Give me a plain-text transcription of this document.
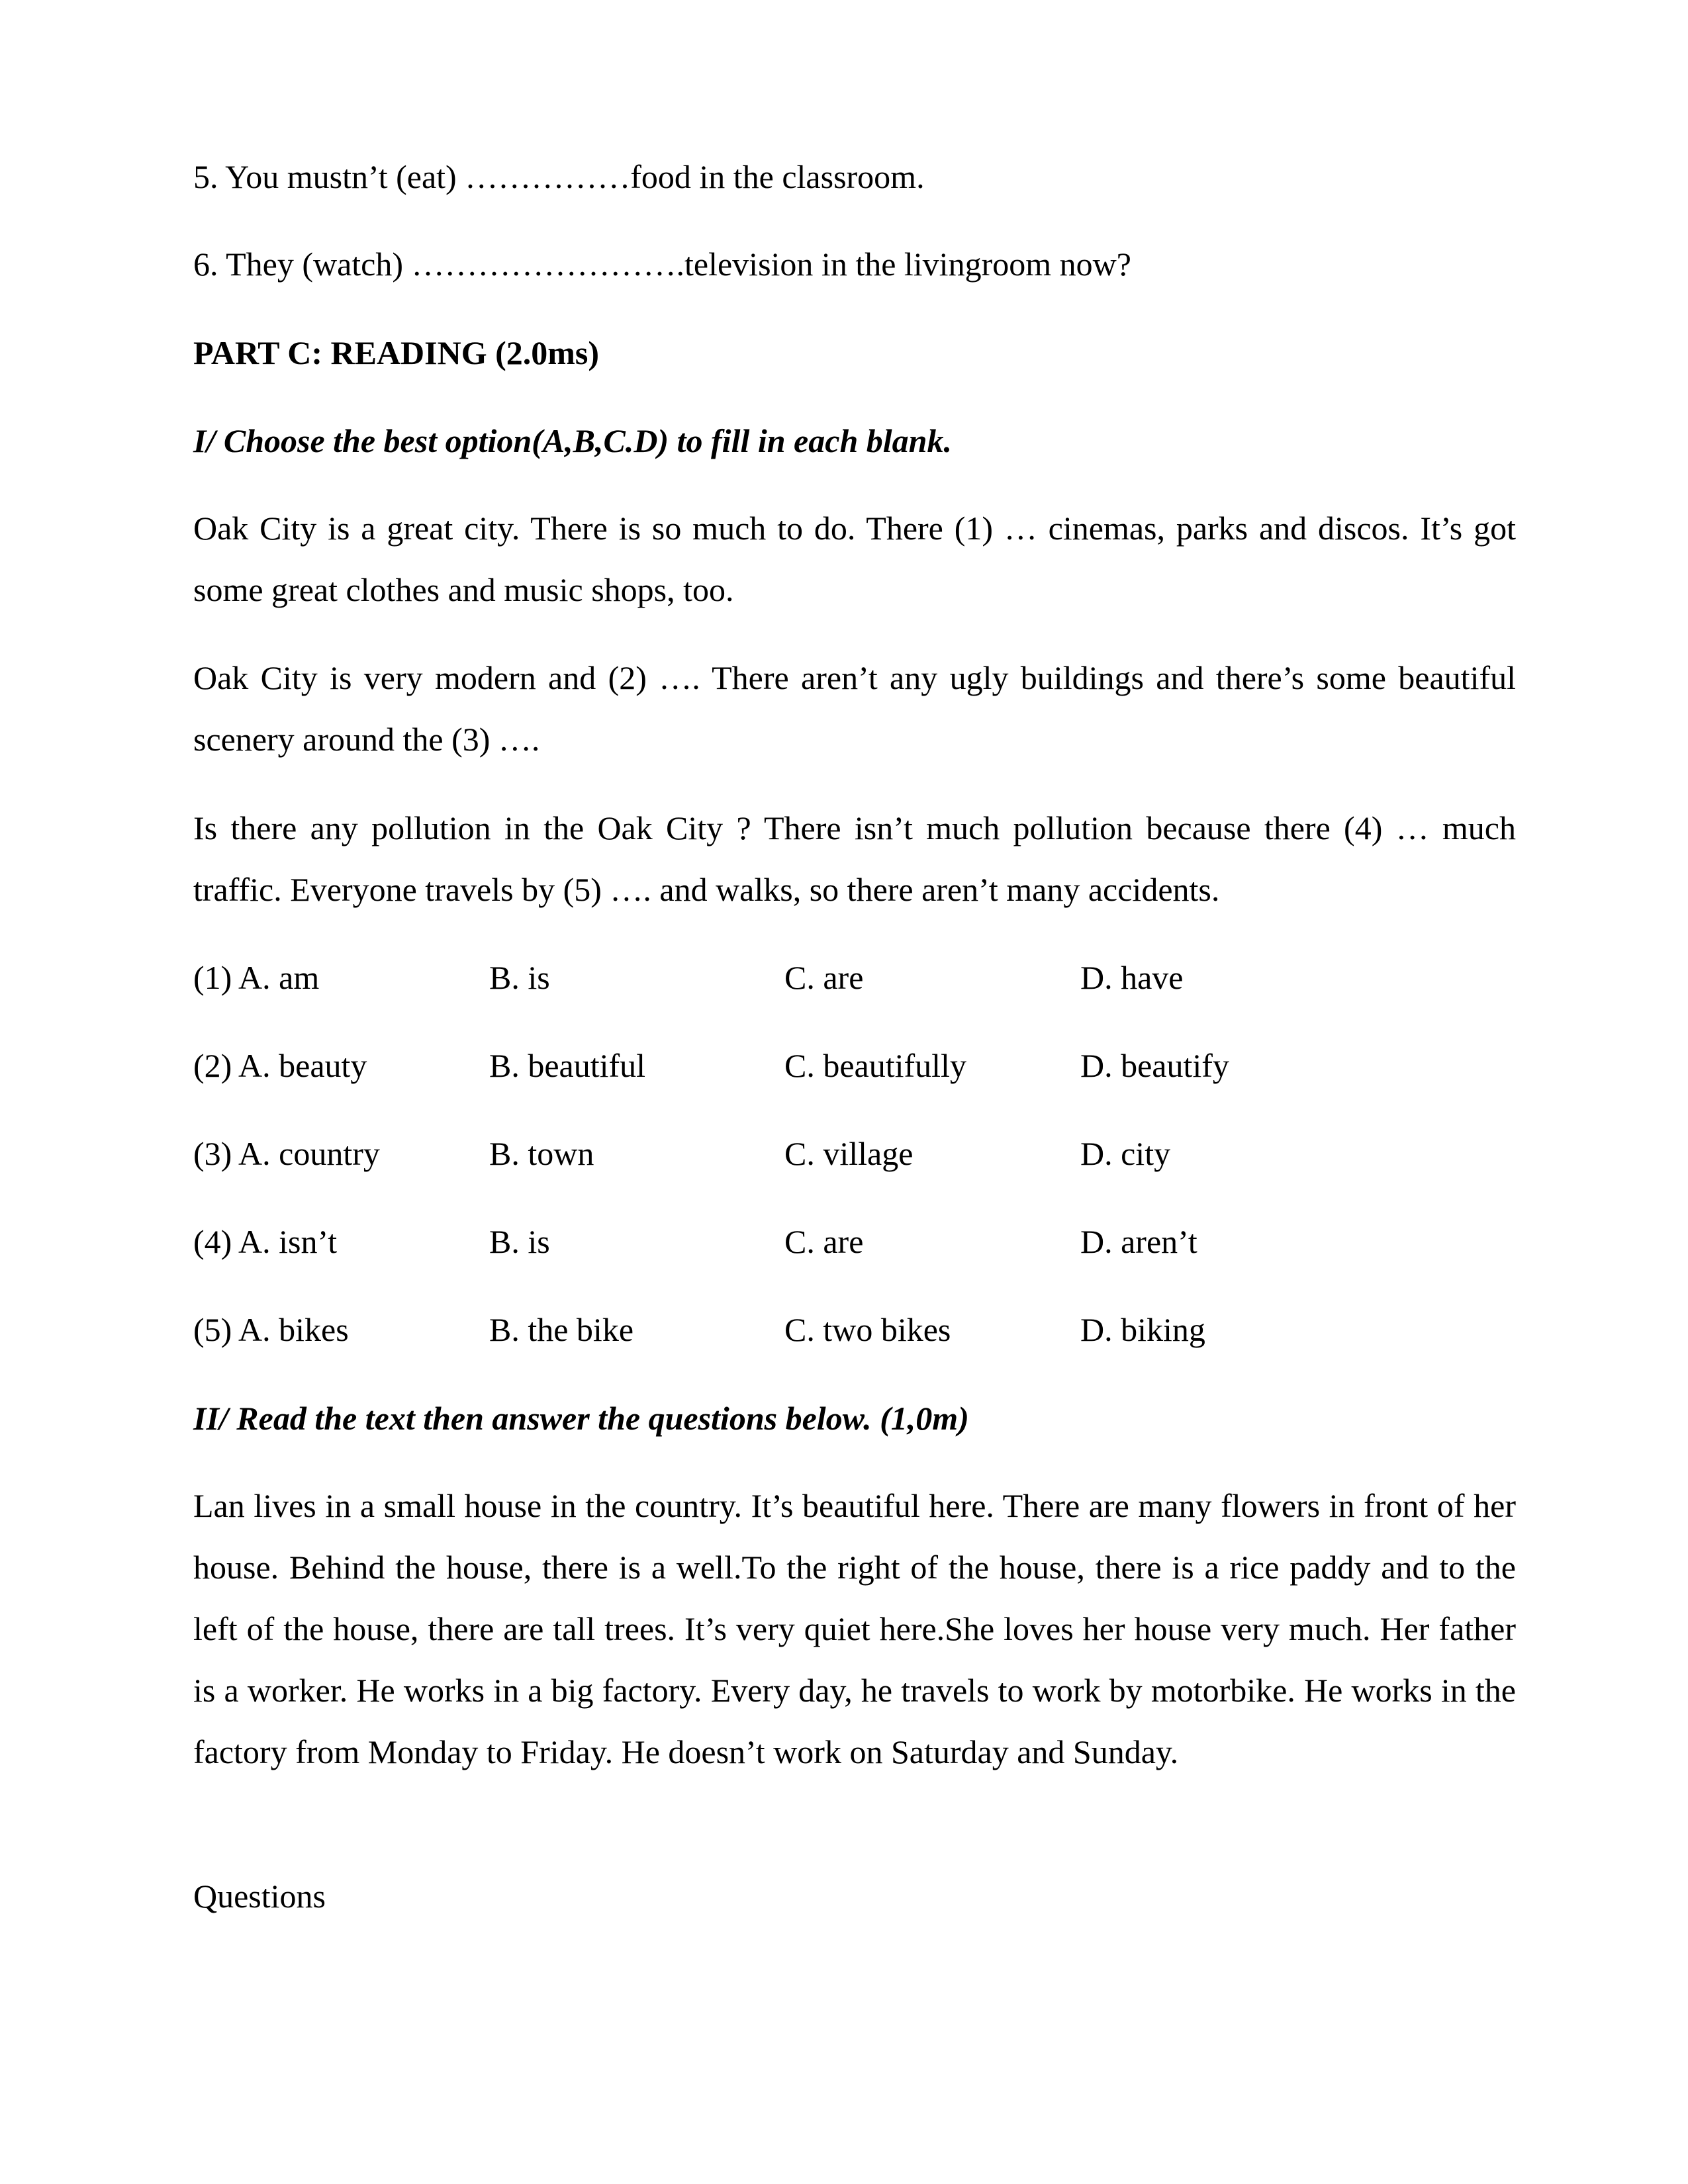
5. You mustn’t (eat) ……………food in the classroom.
6. They (watch) …………………….television in the livingroom now?
PART C: READING (2.0ms)
I/ Choose the best option(A,B,C.D) to fill in each blank.
Oak City is a great city. There is so much to do. There (1) … cinemas, parks and discos. It’s got some great clothes and music shops, too.
Oak City is very modern and (2) …. There aren’t any ugly buildings and there’s some beautiful scenery around the (3) ….
Is there any pollution in the Oak City ? There isn’t much pollution because there (4) … much traffic. Everyone travels by (5) …. and walks, so there aren’t many accidents.
(1) A. am	B. is	C. are	D. have
(2) A. beauty	B. beautiful	C. beautifully	D. beautify
(3) A. country	B. town	C. village	D. city
(4) A. isn’t	B. is	C. are	D. aren’t
(5) A. bikes	B. the bike	C. two bikes	D. biking
II/ Read the text then answer the questions below. (1,0m)
Lan lives in a small house in the country. It’s beautiful here. There are many flowers in front of her house. Behind the house, there is a well.To the right of the house, there is a rice paddy and to the left of the house, there are tall trees. It’s very quiet here.She loves her house very much. Her father is a worker. He works in a big factory. Every day, he travels to work by motorbike. He works in the factory from Monday to Friday. He doesn’t work on Saturday and Sunday.
Questions
